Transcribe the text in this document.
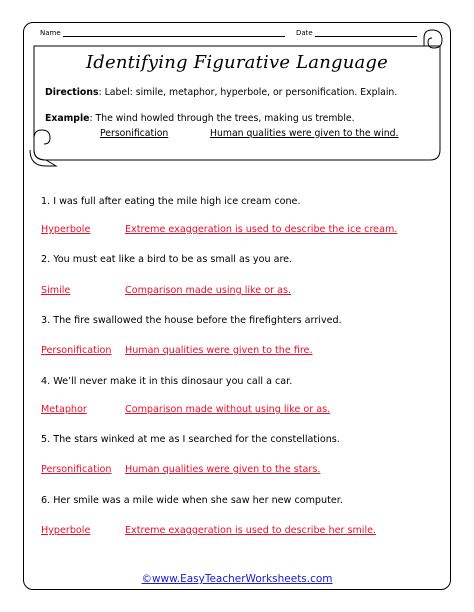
Name	Date
Identifying Figurative Language
Directions: Label: simile, metaphor, hyperbole, or personification. Explain.
Example: The wind howled through the trees, making us tremble.
Personification	Human qualities were given to the wind.
1. I was full after eating the mile high ice cream cone.
Hyperbole	Extreme exaggeration is used to describe the ice cream.
2. You must eat like a bird to be as small as you are.
Simile	Comparison made using like or as.
3. The fire swallowed the house before the firefighters arrived.
Personification Human qualities were given to the fire.
4. We’ll never make it in this dinosaur you call a car.
Metaphor	Comparison made without using like or as.
5. The stars winked at me as I searched for the constellations.
Personification Human qualities were given to the stars.
6. Her smile was a mile wide when she saw her new computer.
Hyperbole	Extreme exaggeration is used to describe her smile.
©www.EasyTeacherWorksheets.com
